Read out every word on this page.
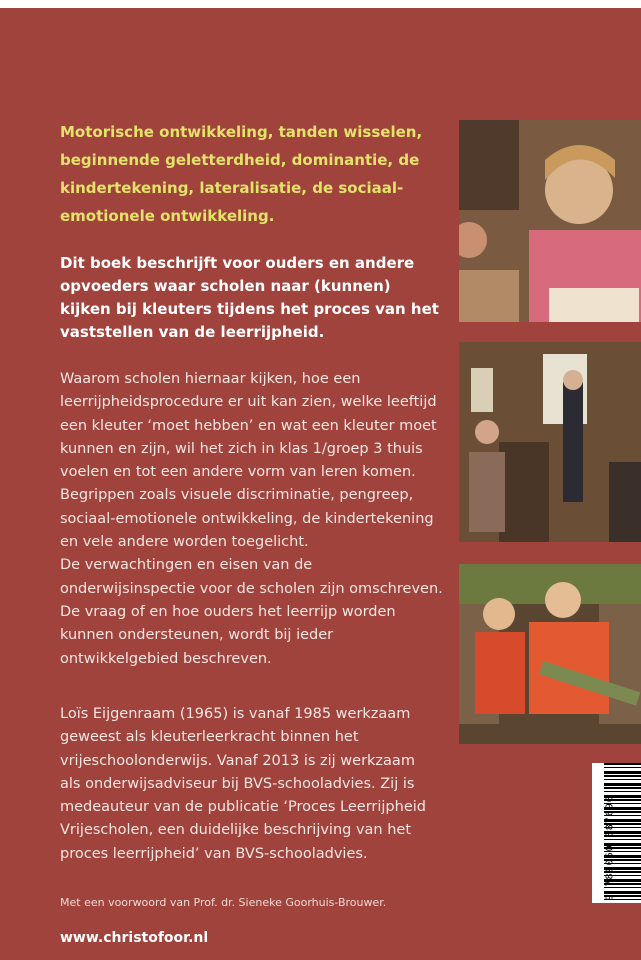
Motorische ontwikkeling, tanden wisselen, beginnende geletterdheid, dominantie, de kindertekening, lateralisatie, de sociaal-emotionele ontwikkeling.
Dit boek beschrijft voor ouders en andere opvoeders waar scholen naar (kunnen) kijken bij kleuters tijdens het proces van het vaststellen van de leerrijpheid.

Waarom scholen hiernaar kijken, hoe een leerrijpheidsprocedure er uit kan zien, welke leeftijd een kleuter ‘moet hebben’ en wat een kleuter moet kunnen en zijn, wil het zich in klas 1/groep 3 thuis voelen en tot een andere vorm van leren komen.

Begrippen zoals visuele discriminatie, pengreep, sociaal-emotionele ontwikkeling, de kindertekening en vele andere worden toegelicht.

De verwachtingen en eisen van de onderwijsinspectie voor de scholen zijn omschreven.

De vraag of en hoe ouders het leerrijp worden kunnen ondersteunen, wordt bij ieder ontwikkelgebied beschreven.

Loïs Eijgenraam (1965) is vanaf 1985 werkzaam geweest als kleuterleerkracht binnen het vrijeschoolonderwijs. Vanaf 2013 is zij werkzaam als onderwijsadviseur bij BVS-schooladvies. Zij is medeauteur van de publicatie ‘Proces Leerrijpheid Vrijescholen, een duidelijke beschrijving van het proces leerrijpheid’ van BVS-schooladvies.

Met een voorwoord van Prof. dr. Sieneke Goorhuis-Brouwer.
www.christofoor.nl
9 789060 387696
